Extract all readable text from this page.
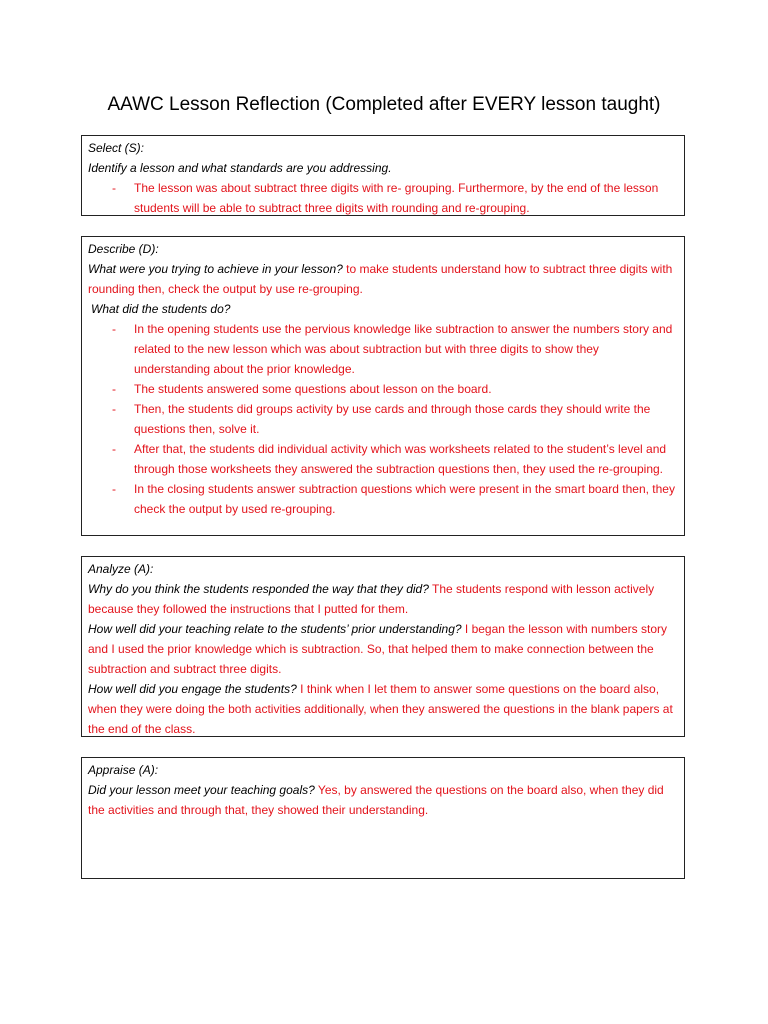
AAWC Lesson Reflection (Completed after EVERY lesson taught)
Select (S):
Identify a lesson and what standards are you addressing.
- The lesson was about subtract three digits with re- grouping. Furthermore, by the end of the lesson students will be able to subtract three digits with rounding and re-grouping.
Describe (D):
What were you trying to achieve in your lesson? to make students understand how to subtract three digits with rounding then, check the output by use re-grouping.
What did the students do?
- In the opening students use the pervious knowledge like subtraction to answer the numbers story and related to the new lesson which was about subtraction but with three digits to show they understanding about the prior knowledge.
- The students answered some questions about lesson on the board.
- Then, the students did groups activity by use cards and through those cards they should write the questions then, solve it.
- After that, the students did individual activity which was worksheets related to the student’s level and through those worksheets they answered the subtraction questions then, they used the re-grouping.
- In the closing students answer subtraction questions which were present in the smart board then, they check the output by used re-grouping.
Analyze (A):
Why do you think the students responded the way that they did? The students respond with lesson actively because they followed the instructions that I putted for them.
How well did your teaching relate to the students’ prior understanding? I began the lesson with numbers story and I used the prior knowledge which is subtraction. So, that helped them to make connection between the subtraction and subtract three digits.
How well did you engage the students? I think when I let them to answer some questions on the board also, when they were doing the both activities additionally, when they answered the questions in the blank papers at the end of the class.
Appraise (A):
Did your lesson meet your teaching goals? Yes, by answered the questions on the board also, when they did the activities and through that, they showed their understanding.
